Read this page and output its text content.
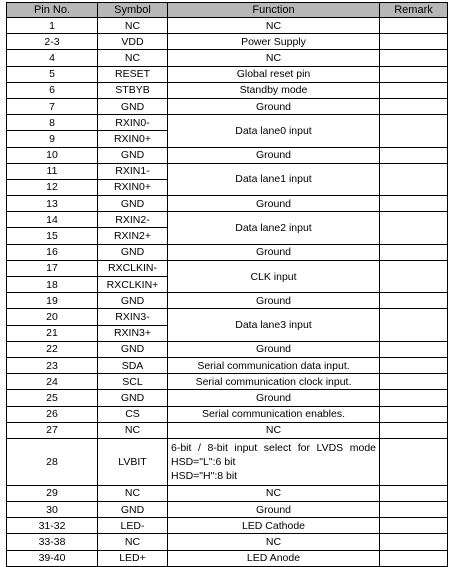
Pin No.	Symbol	Function	Remark
1	NC	NC	
2-3	VDD	Power Supply	
4	NC	NC	
5	RESET	Global reset pin	
6	STBYB	Standby mode	
7	GND	Ground	
8	RXIN0-	Data lane0 input	
9	RXIN0+		
10	GND	Ground	
11	RXIN1-	Data lane1 input	
12	RXIN0+		
13	GND	Ground	
14	RXIN2-	Data lane2 input	
15	RXIN2+		
16	GND	Ground	
17	RXCLKIN-	CLK input	
18	RXCLKIN+		
19	GND	Ground	
20	RXIN3-	Data lane3 input	
21	RXIN3+		
22	GND	Ground	
23	SDA	Serial communication data input.	
24	SCL	Serial communication clock input.	
25	GND	Ground	
26	CS	Serial communication enables.	
27	NC	NC	
28	LVBIT	6-bit / 8-bit input select for LVDS mode
HSD="L":6 bit
HSD="H":8 bit	

29	NC	NC	
30	GND	Ground	
31-32	LED-	LED Cathode	
33-38	NC	NC	
39-40	LED+	LED Anode	
